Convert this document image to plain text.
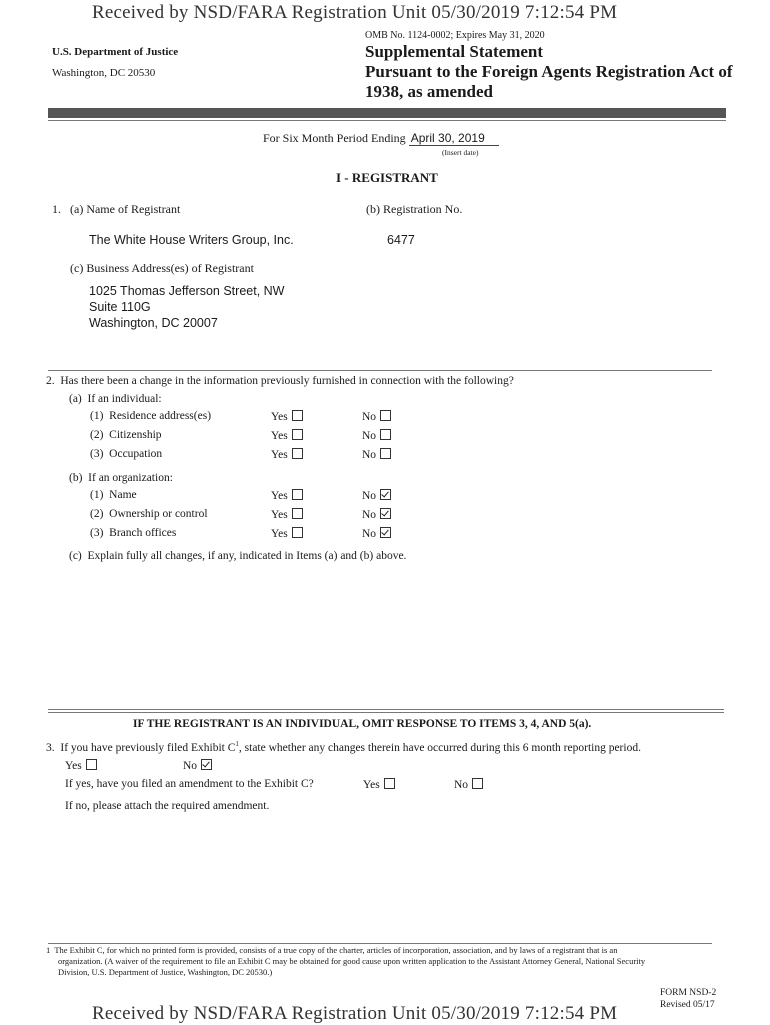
Received by NSD/FARA Registration Unit 05/30/2019 7:12:54 PM
OMB No. 1124-0002; Expires May 31, 2020
U.S. Department of Justice
Washington, DC 20530
Supplemental Statement
Pursuant to the Foreign Agents Registration Act of
1938, as amended
For Six Month Period Ending April 30, 2019
(Insert date)
I - REGISTRANT
1.   (a) Name of Registrant	(b) Registration No.
The White House Writers Group, Inc.	6477
(c) Business Address(es) of Registrant
1025 Thomas Jefferson Street, NW
Suite 110G
Washington, DC 20007
2.  Has there been a change in the information previously furnished in connection with the following?
(a)  If an individual:
(1)  Residence address(es)	Yes	No
(2)  Citizenship	Yes	No
(3)  Occupation	Yes	No
(b)  If an organization:
(1)  Name	Yes	No
(2)  Ownership or control	Yes	No
(3)  Branch offices	Yes	No
(c)  Explain fully all changes, if any, indicated in Items (a) and (b) above.
IF THE REGISTRANT IS AN INDIVIDUAL, OMIT RESPONSE TO ITEMS 3, 4, AND 5(a).
3.  If you have previously filed Exhibit $C^1$, state whether any changes therein have occurred during this 6 month reporting period.
Yes	No
If yes, have you filed an amendment to the Exhibit C?	Yes	No
If no, please attach the required amendment.
1  The Exhibit C, for which no printed form is provided, consists of a true copy of the charter, articles of incorporation, association, and by laws of a registrant that is an
organization. (A waiver of the requirement to file an Exhibit C may be obtained for good cause upon written application to the Assistant Attorney General, National Security
Division, U.S. Department of Justice, Washington, DC 20530.)
FORM NSD-2
Revised 05/17
Received by NSD/FARA Registration Unit 05/30/2019 7:12:54 PM
